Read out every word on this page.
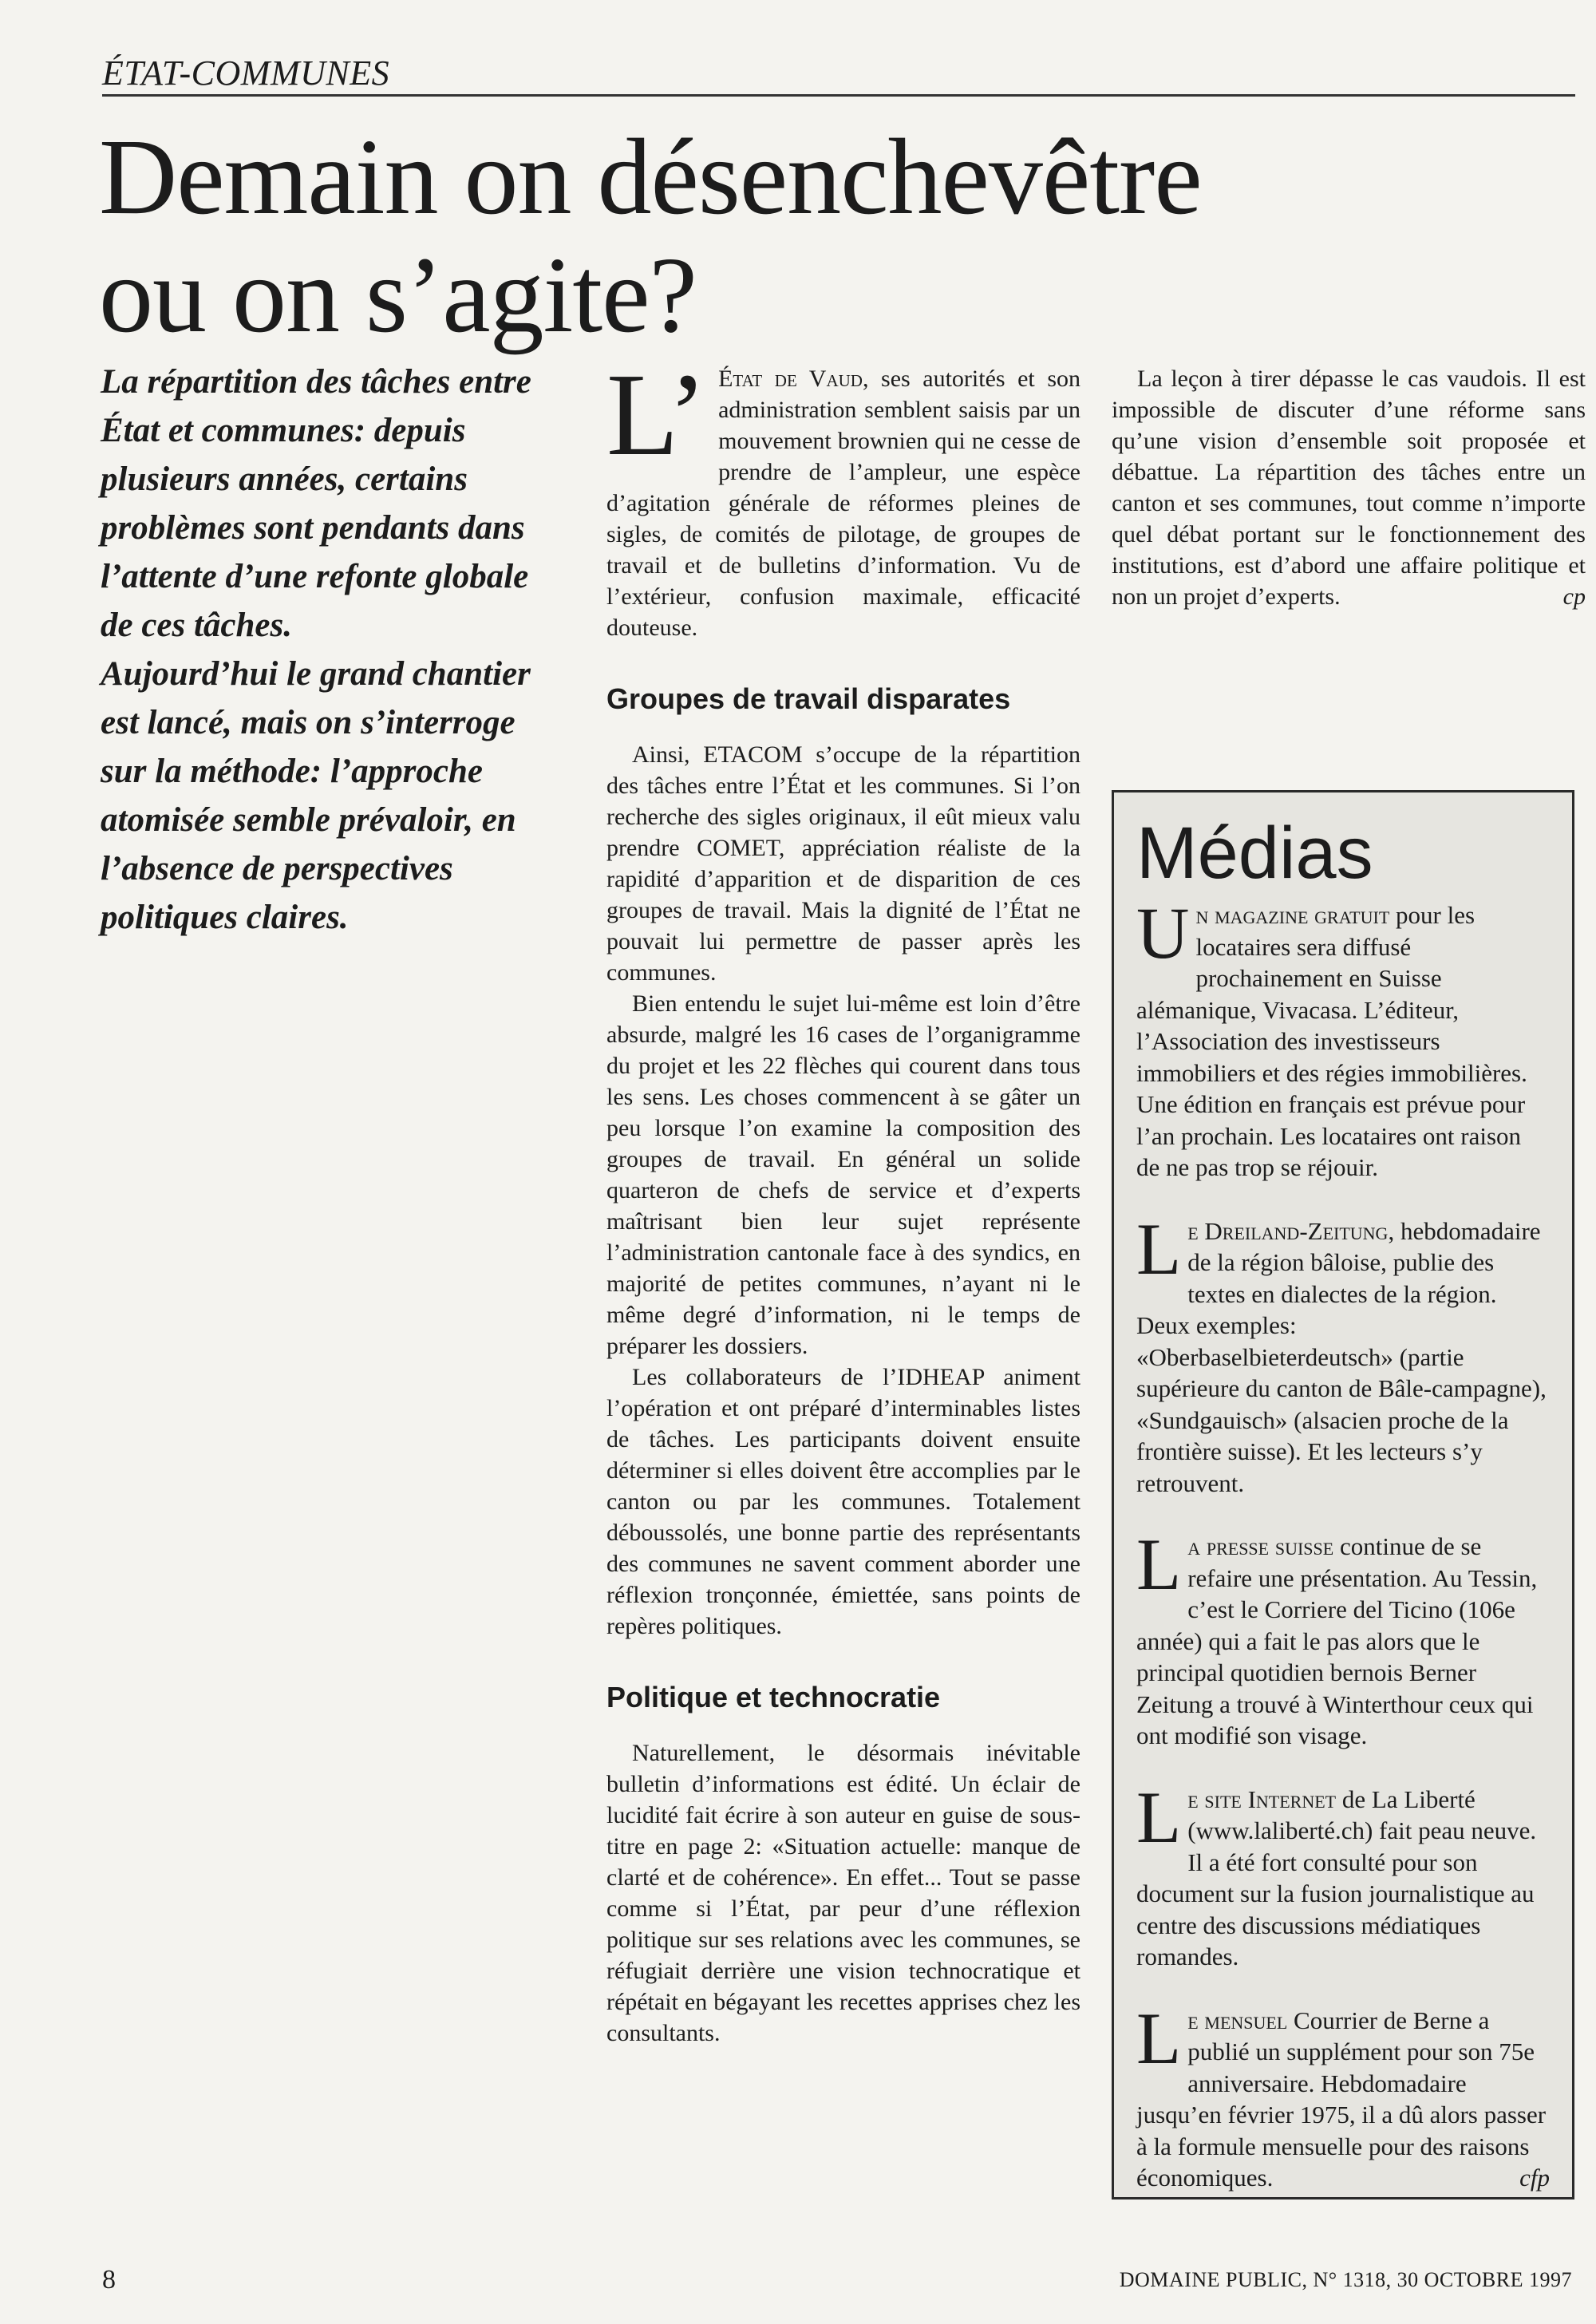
ÉTAT-COMMUNES
Demain on désenchevêtre
ou on s’agite?

La répartition des tâches entre État et communes: depuis plusieurs années, certains problèmes sont pendants dans l’attente d’une refonte globale de ces tâches.

Aujourd’hui le grand chantier est lancé, mais on s’interroge sur la méthode: l’approche atomisée semble prévaloir, en l’absence de perspectives politiques claires.

L’ État de Vaud, ses autorités et son administration semblent saisis par un mouvement brownien qui ne cesse de prendre de l’ampleur, une espèce d’agitation générale de réformes pleines de sigles, de comités de pilotage, de groupes de travail et de bulletins d’information. Vu de l’extérieur, confusion maximale, efficacité douteuse.

Groupes de travail disparates

Ainsi, ETACOM s’occupe de la répartition des tâches entre l’État et les communes. Si l’on recherche des sigles originaux, il eût mieux valu prendre COMET, appréciation réaliste de la rapidité d’apparition et de disparition de ces groupes de travail. Mais la dignité de l’État ne pouvait lui permettre de passer après les communes.

Bien entendu le sujet lui-même est loin d’être absurde, malgré les 16 cases de l’organigramme du projet et les 22 flèches qui courent dans tous les sens. Les choses commencent à se gâter un peu lorsque l’on examine la composition des groupes de travail. En général un solide quarteron de chefs de service et d’experts maîtrisant bien leur sujet représente l’administration cantonale face à des syndics, en majorité de petites communes, n’ayant ni le même degré d’information, ni le temps de préparer les dossiers.

Les collaborateurs de l’IDHEAP animent l’opération et ont préparé d’interminables listes de tâches. Les participants doivent ensuite déterminer si elles doivent être accomplies par le canton ou par les communes. Totalement déboussolés, une bonne partie des représentants des communes ne savent comment aborder une réflexion tronçonnée, émiettée, sans points de repères politiques.

Politique et technocratie

Naturellement, le désormais inévitable bulletin d’informations est édité. Un éclair de lucidité fait écrire à son auteur en guise de sous-titre en page 2: «Situation actuelle: manque de clarté et de cohérence». En effet... Tout se passe comme si l’État, par peur d’une réflexion politique sur ses relations avec les communes, se réfugiait derrière une vision technocratique et répétait en bégayant les recettes apprises chez les consultants.

La leçon à tirer dépasse le cas vaudois. Il est impossible de discuter d’une réforme sans qu’une vision d’ensemble soit proposée et débattue. La répartition des tâches entre un canton et ses communes, tout comme n’importe quel débat portant sur le fonctionnement des institutions, est d’abord une affaire politique et non un projet d’experts.	cp

Médias

Un magazine gratuit pour les locataires sera diffusé prochainement en Suisse alémanique, Vivacasa. L’éditeur, l’Association des investisseurs immobiliers et des régies immobilières. Une édition en français est prévue pour l’an prochain. Les locataires ont raison de ne pas trop se réjouir.

Le Dreiland-Zeitung, hebdomadaire de la région bâloise, publie des textes en dialectes de la région. Deux exemples: «Oberbaselbieterdeutsch» (partie supérieure du canton de Bâle-campagne), «Sundgauisch» (alsacien proche de la frontière suisse). Et les lecteurs s’y retrouvent.

La presse suisse continue de se refaire une présentation. Au Tessin, c’est le Corriere del Ticino (106e année) qui a fait le pas alors que le principal quotidien bernois Berner Zeitung a trouvé à Winterthour ceux qui ont modifié son visage.

Le site Internet de La Liberté (www.laliberté.ch) fait peau neuve. Il a été fort consulté pour son document sur la fusion journalistique au centre des discussions médiatiques romandes.

Le mensuel Courrier de Berne a publié un supplément pour son 75e anniversaire. Hebdomadaire jusqu’en février 1975, il a dû alors passer à la formule mensuelle pour des raisons économiques.	cfp

8	DOMAINE PUBLIC, N° 1318, 30 OCTOBRE 1997
